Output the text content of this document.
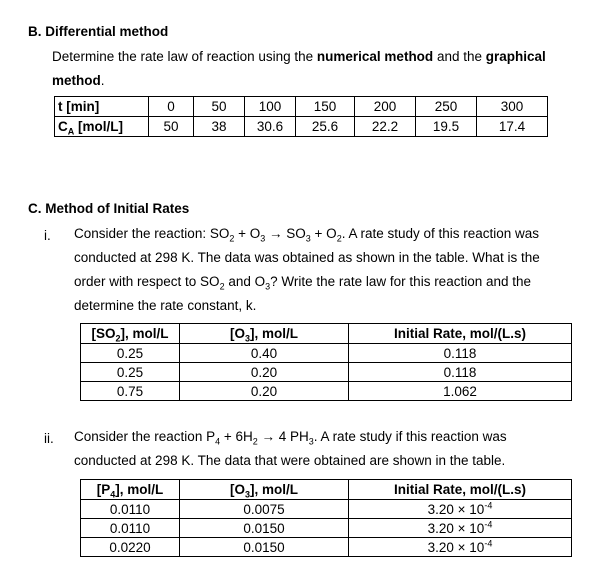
B. Differential method
Determine the rate law of reaction using the numerical method and the graphical
method.
t [min]	0	50	100	150	200	250	300
$C_A$ [mol/L]	50	38	30.6	25.6	22.2	19.5	17.4
C. Method of Initial Rates
i. Consider the reaction: $SO_2 + O_3 \to SO_3 + O_2$. A rate study of this reaction was
conducted at 298 K. The data was obtained as shown in the table. What is the
order with respect to $SO_2$ and $O_3$? Write the rate law for this reaction and the
determine the rate constant, k.
$[SO_2]$, mol/L	$[O_3]$, mol/L	Initial Rate, mol/(L.s)
0.25	0.40	0.118
0.25	0.20	0.118
0.75	0.20	1.062
ii. Consider the reaction $P_4 + 6H_2 \to 4$ $PH_3$. A rate study if this reaction was
conducted at 298 K. The data that were obtained are shown in the table.
$[P_4]$, mol/L	$[O_3]$, mol/L	Initial Rate, mol/(L.s)
0.0110	0.0075	$3.20 \times 10^{-4}$
0.0110	0.0150	$3.20 \times 10^{-4}$
0.0220	0.0150	$3.20 \times 10^{-4}$
